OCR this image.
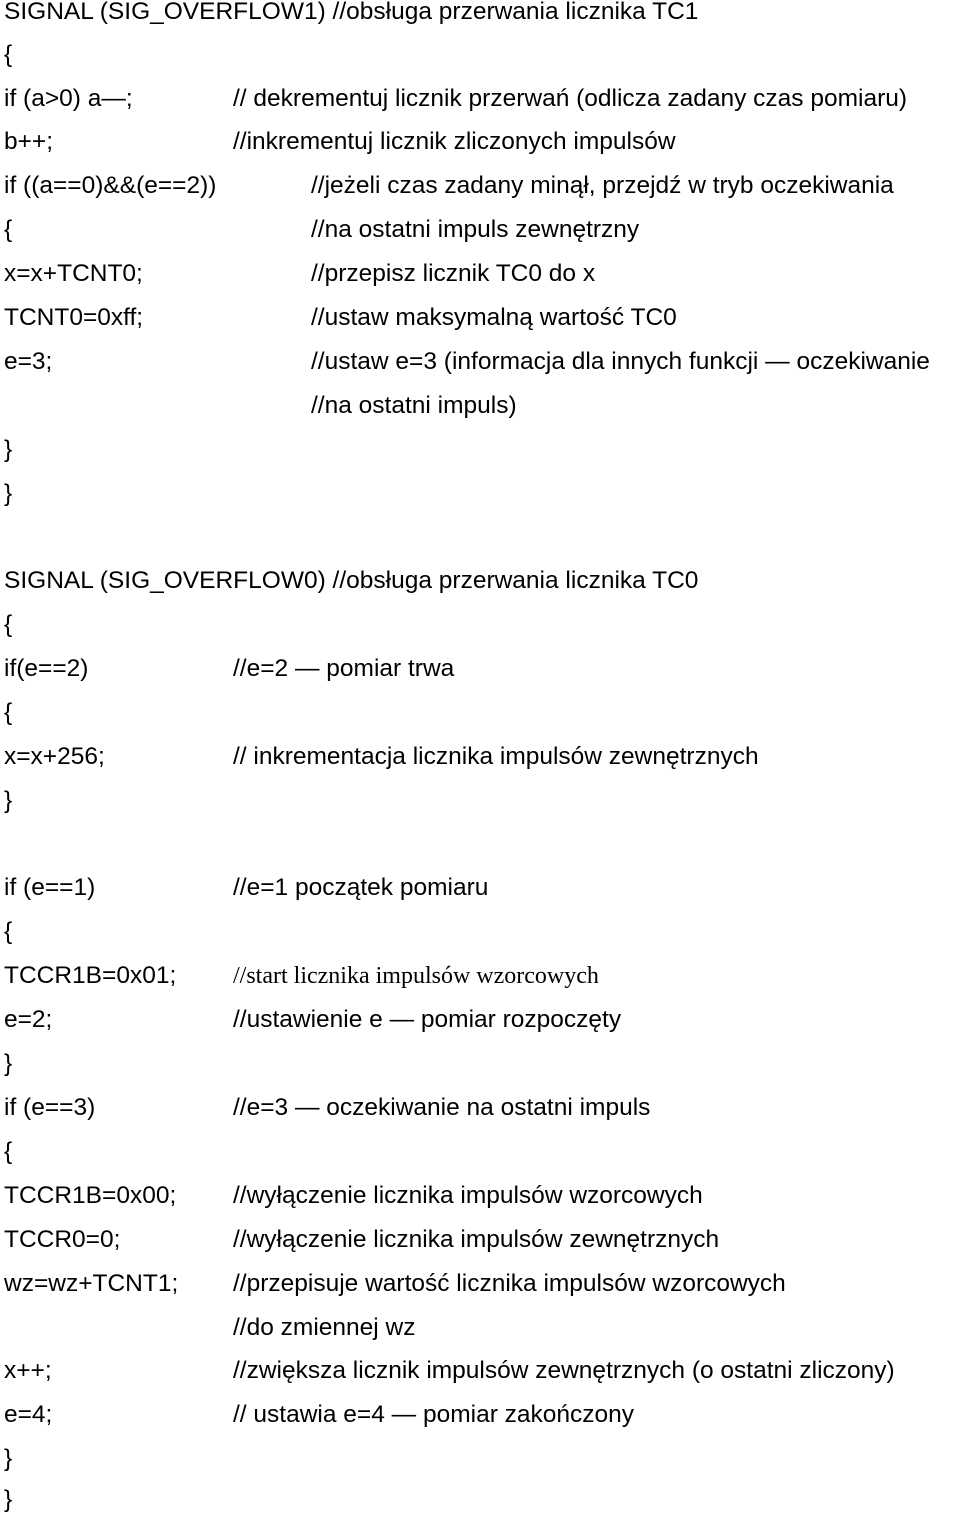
SIGNAL (SIG_OVERFLOW1) //obsługa przerwania licznika TC1
{
if (a>0) a—;	// dekrementuj licznik przerwań (odlicza zadany czas pomiaru)
b++;	//inkrementuj licznik zliczonych impulsów
if ((a==0)&&(e==2))	//jeżeli czas zadany minął, przejdź w tryb oczekiwania
{	//na ostatni impuls zewnętrzny
x=x+TCNT0;	//przepisz licznik TC0 do x
TCNT0=0xff;	//ustaw maksymalną wartość TC0
e=3;	//ustaw e=3 (informacja dla innych funkcji — oczekiwanie
//na ostatni impuls)
}
}
SIGNAL (SIG_OVERFLOW0) //obsługa przerwania licznika TC0
{
if(e==2)	//e=2 — pomiar trwa
{
x=x+256;	// inkrementacja licznika impulsów zewnętrznych
}
if (e==1)	//e=1 początek pomiaru
{
TCCR1B=0x01; //start licznika impulsów wzorcowych
e=2;	//ustawienie e — pomiar rozpoczęty
}
if (e==3)	//e=3 — oczekiwanie na ostatni impuls
{
TCCR1B=0x00; //wyłączenie licznika impulsów wzorcowych
TCCR0=0;	//wyłączenie licznika impulsów zewnętrznych
wz=wz+TCNT1; //przepisuje wartość licznika impulsów wzorcowych
//do zmiennej wz
x++;	//zwiększa licznik impulsów zewnętrznych (o ostatni zliczony)
e=4;	// ustawia e=4 — pomiar zakończony
}
}
